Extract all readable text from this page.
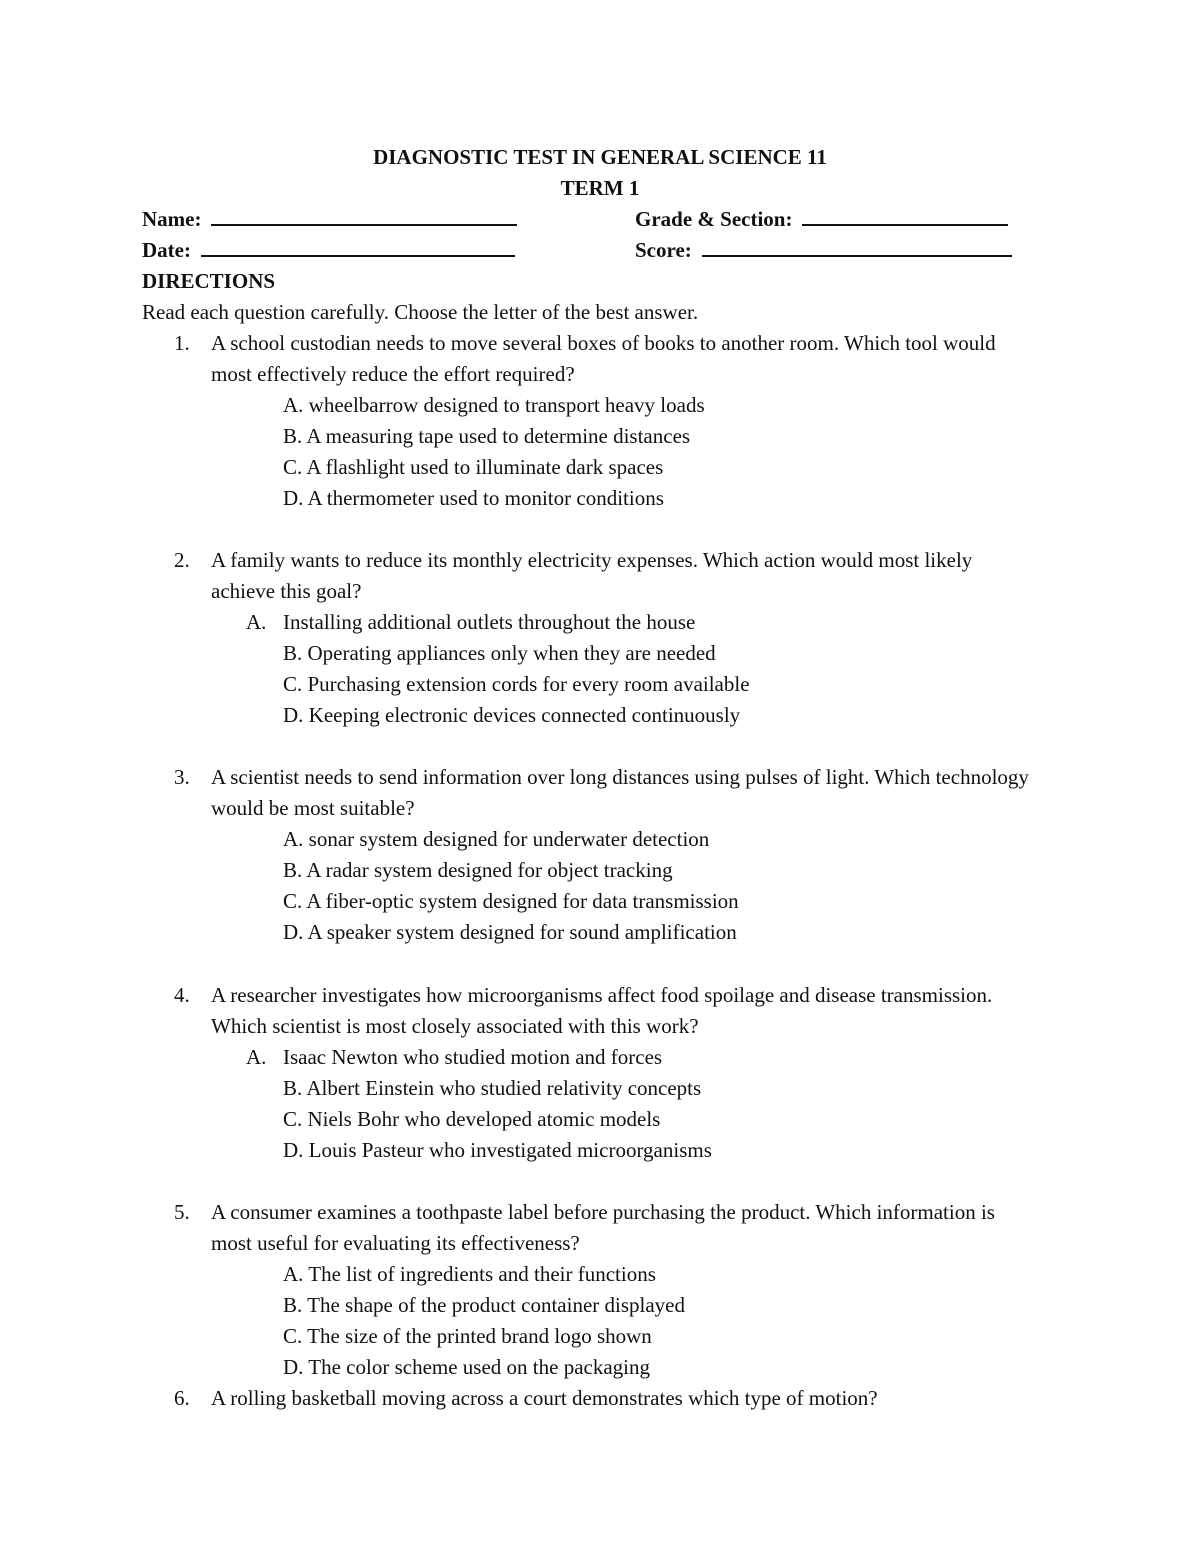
DIAGNOSTIC TEST IN GENERAL SCIENCE 11
TERM 1
Name:	Grade & Section:
Date:	Score:
DIRECTIONS
Read each question carefully. Choose the letter of the best answer.
1. A school custodian needs to move several boxes of books to another room. Which tool would most effectively reduce the effort required?
A. wheelbarrow designed to transport heavy loads
B. A measuring tape used to determine distances
C. A flashlight used to illuminate dark spaces
D. A thermometer used to monitor conditions
2. A family wants to reduce its monthly electricity expenses. Which action would most likely achieve this goal?
A. Installing additional outlets throughout the house
B. Operating appliances only when they are needed
C. Purchasing extension cords for every room available
D. Keeping electronic devices connected continuously
3. A scientist needs to send information over long distances using pulses of light. Which technology would be most suitable?
A. sonar system designed for underwater detection
B. A radar system designed for object tracking
C. A fiber-optic system designed for data transmission
D. A speaker system designed for sound amplification
4. A researcher investigates how microorganisms affect food spoilage and disease transmission. Which scientist is most closely associated with this work?
A. Isaac Newton who studied motion and forces
B. Albert Einstein who studied relativity concepts
C. Niels Bohr who developed atomic models
D. Louis Pasteur who investigated microorganisms
5. A consumer examines a toothpaste label before purchasing the product. Which information is most useful for evaluating its effectiveness?
A. The list of ingredients and their functions
B. The shape of the product container displayed
C. The size of the printed brand logo shown
D. The color scheme used on the packaging
6. A rolling basketball moving across a court demonstrates which type of motion?
